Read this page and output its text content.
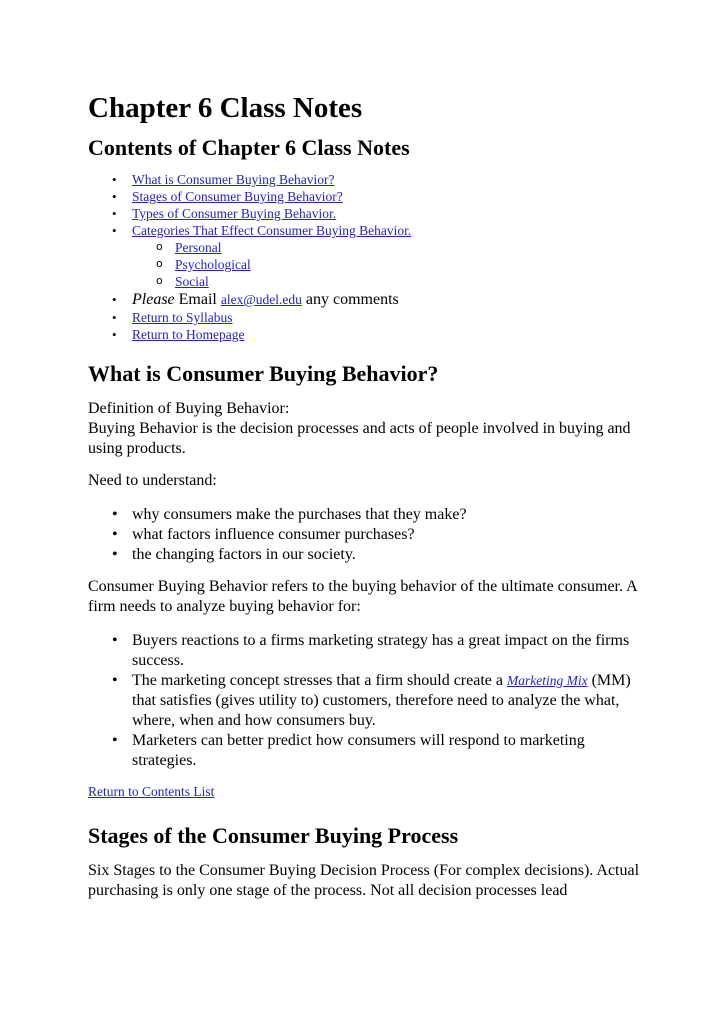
Chapter 6 Class Notes
Contents of Chapter 6 Class Notes
• What is Consumer Buying Behavior?
• Stages of Consumer Buying Behavior?
• Types of Consumer Buying Behavior.
• Categories That Effect Consumer Buying Behavior.
o Personal
o Psychological
o Social
• Please Email alex@udel.edu any comments
• Return to Syllabus
• Return to Homepage
What is Consumer Buying Behavior?

Definition of Buying Behavior:

Buying Behavior is the decision processes and acts of people involved in buying and using products.

Need to understand:

• why consumers make the purchases that they make?
• what factors influence consumer purchases?
• the changing factors in our society.

Consumer Buying Behavior refers to the buying behavior of the ultimate consumer. A firm needs to analyze buying behavior for:

• Buyers reactions to a firms marketing strategy has a great impact on the firms success.
• The marketing concept stresses that a firm should create a Marketing Mix (MM) that satisfies (gives utility to) customers, therefore need to analyze the what, where, when and how consumers buy.
• Marketers can better predict how consumers will respond to marketing strategies.
Return to Contents List
Stages of the Consumer Buying Process

Six Stages to the Consumer Buying Decision Process (For complex decisions). Actual purchasing is only one stage of the process. Not all decision processes lead
